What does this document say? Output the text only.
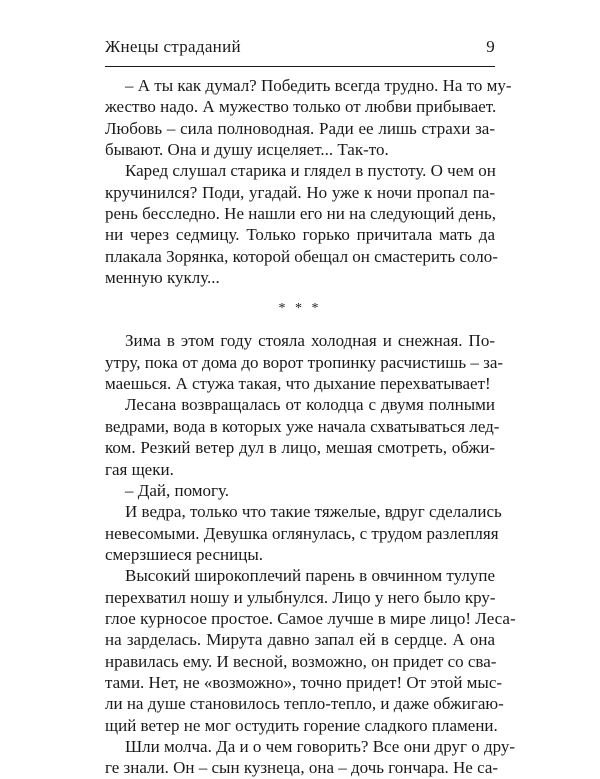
Жнецы страданий	9
– А ты как думал? Победить всегда трудно. На то му-
жество надо. А мужество только от любви прибывает.
Любовь – сила полноводная. Ради ее лишь страхи за-
бывают. Она и душу исцеляет... Так-то.
Каред слушал старика и глядел в пустоту. О чем он
кручинился? Поди, угадай. Но уже к ночи пропал па-
рень бесследно. Не нашли его ни на следующий день,
ни через седмицу. Только горько причитала мать да
плакала Зорянка, которой обещал он смастерить соло-
менную куклу...
* * *
Зима в этом году стояла холодная и снежная. По-
утру, пока от дома до ворот тропинку расчистишь – за-
маешься. А стужа такая, что дыхание перехватывает!
Лесана возвращалась от колодца с двумя полными
ведрами, вода в которых уже начала схватываться лед-
ком. Резкий ветер дул в лицо, мешая смотреть, обжи-
гая щеки.
– Дай, помогу.
И ведра, только что такие тяжелые, вдруг сделались
невесомыми. Девушка оглянулась, с трудом разлепляя
смерзшиеся ресницы.
Высокий широкоплечий парень в овчинном тулупе
перехватил ношу и улыбнулся. Лицо у него было кру-
глое курносое простое. Самое лучше в мире лицо! Леса-
на зарделась. Мирута давно запал ей в сердце. А она
нравилась ему. И весной, возможно, он придет со сва-
тами. Нет, не «возможно», точно придет! От этой мыс-
ли на душе становилось тепло-тепло, и даже обжигаю-
щий ветер не мог остудить горение сладкого пламени.
Шли молча. Да и о чем говорить? Все они друг о дру-
ге знали. Он – сын кузнеца, она – дочь гончара. Не са-
